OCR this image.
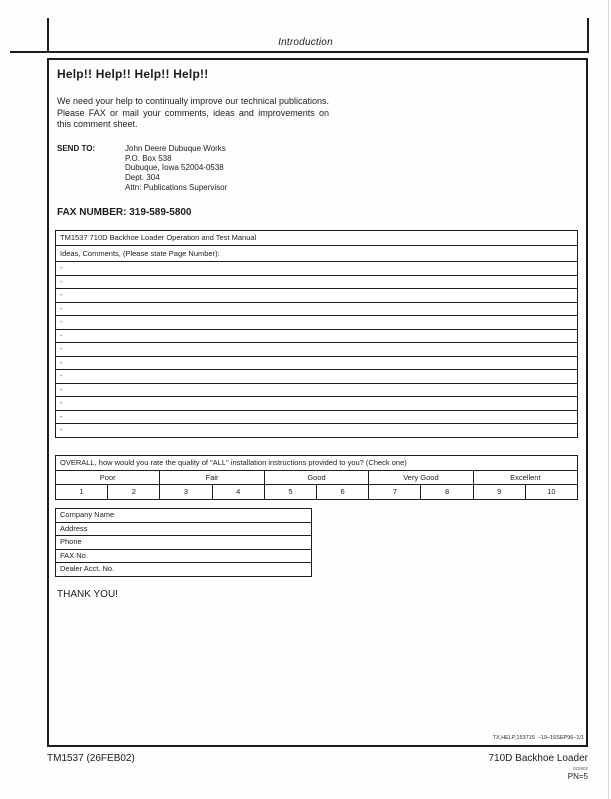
Introduction
Help!! Help!! Help!! Help!!
We need your help to continually improve our technical publications. Please FAX or mail your comments, ideas and improvements on this comment sheet.
SEND TO:	John Deere Dubuque Works
P.O. Box 538
Dubuque, Iowa 52004-0538
Dept. 304
Attn: Publications Supervisor
FAX NUMBER: 319-589-5800
TM1537 710D Backhoe Loader Operation and Test Manual
Ideas, Comments, (Please state Page Number):
-
-
-
-
-
-
-
-
-
-
-
-
-
OVERALL, how would you rate the quality of "ALL" installation instructions provided to you? (Check one)
Poor	Fair	Good	Very Good	Excellent
1	2	3	4	5	6	7	8	9	10
Company Name
Address
Phone
FAX No.
Dealer Acct. No.
THANK YOU!
TX,HELP,153715  –19–16SEP96–1/1
TM1537 (26FEB02)	710D Backhoe Loader
022602
PN=5
